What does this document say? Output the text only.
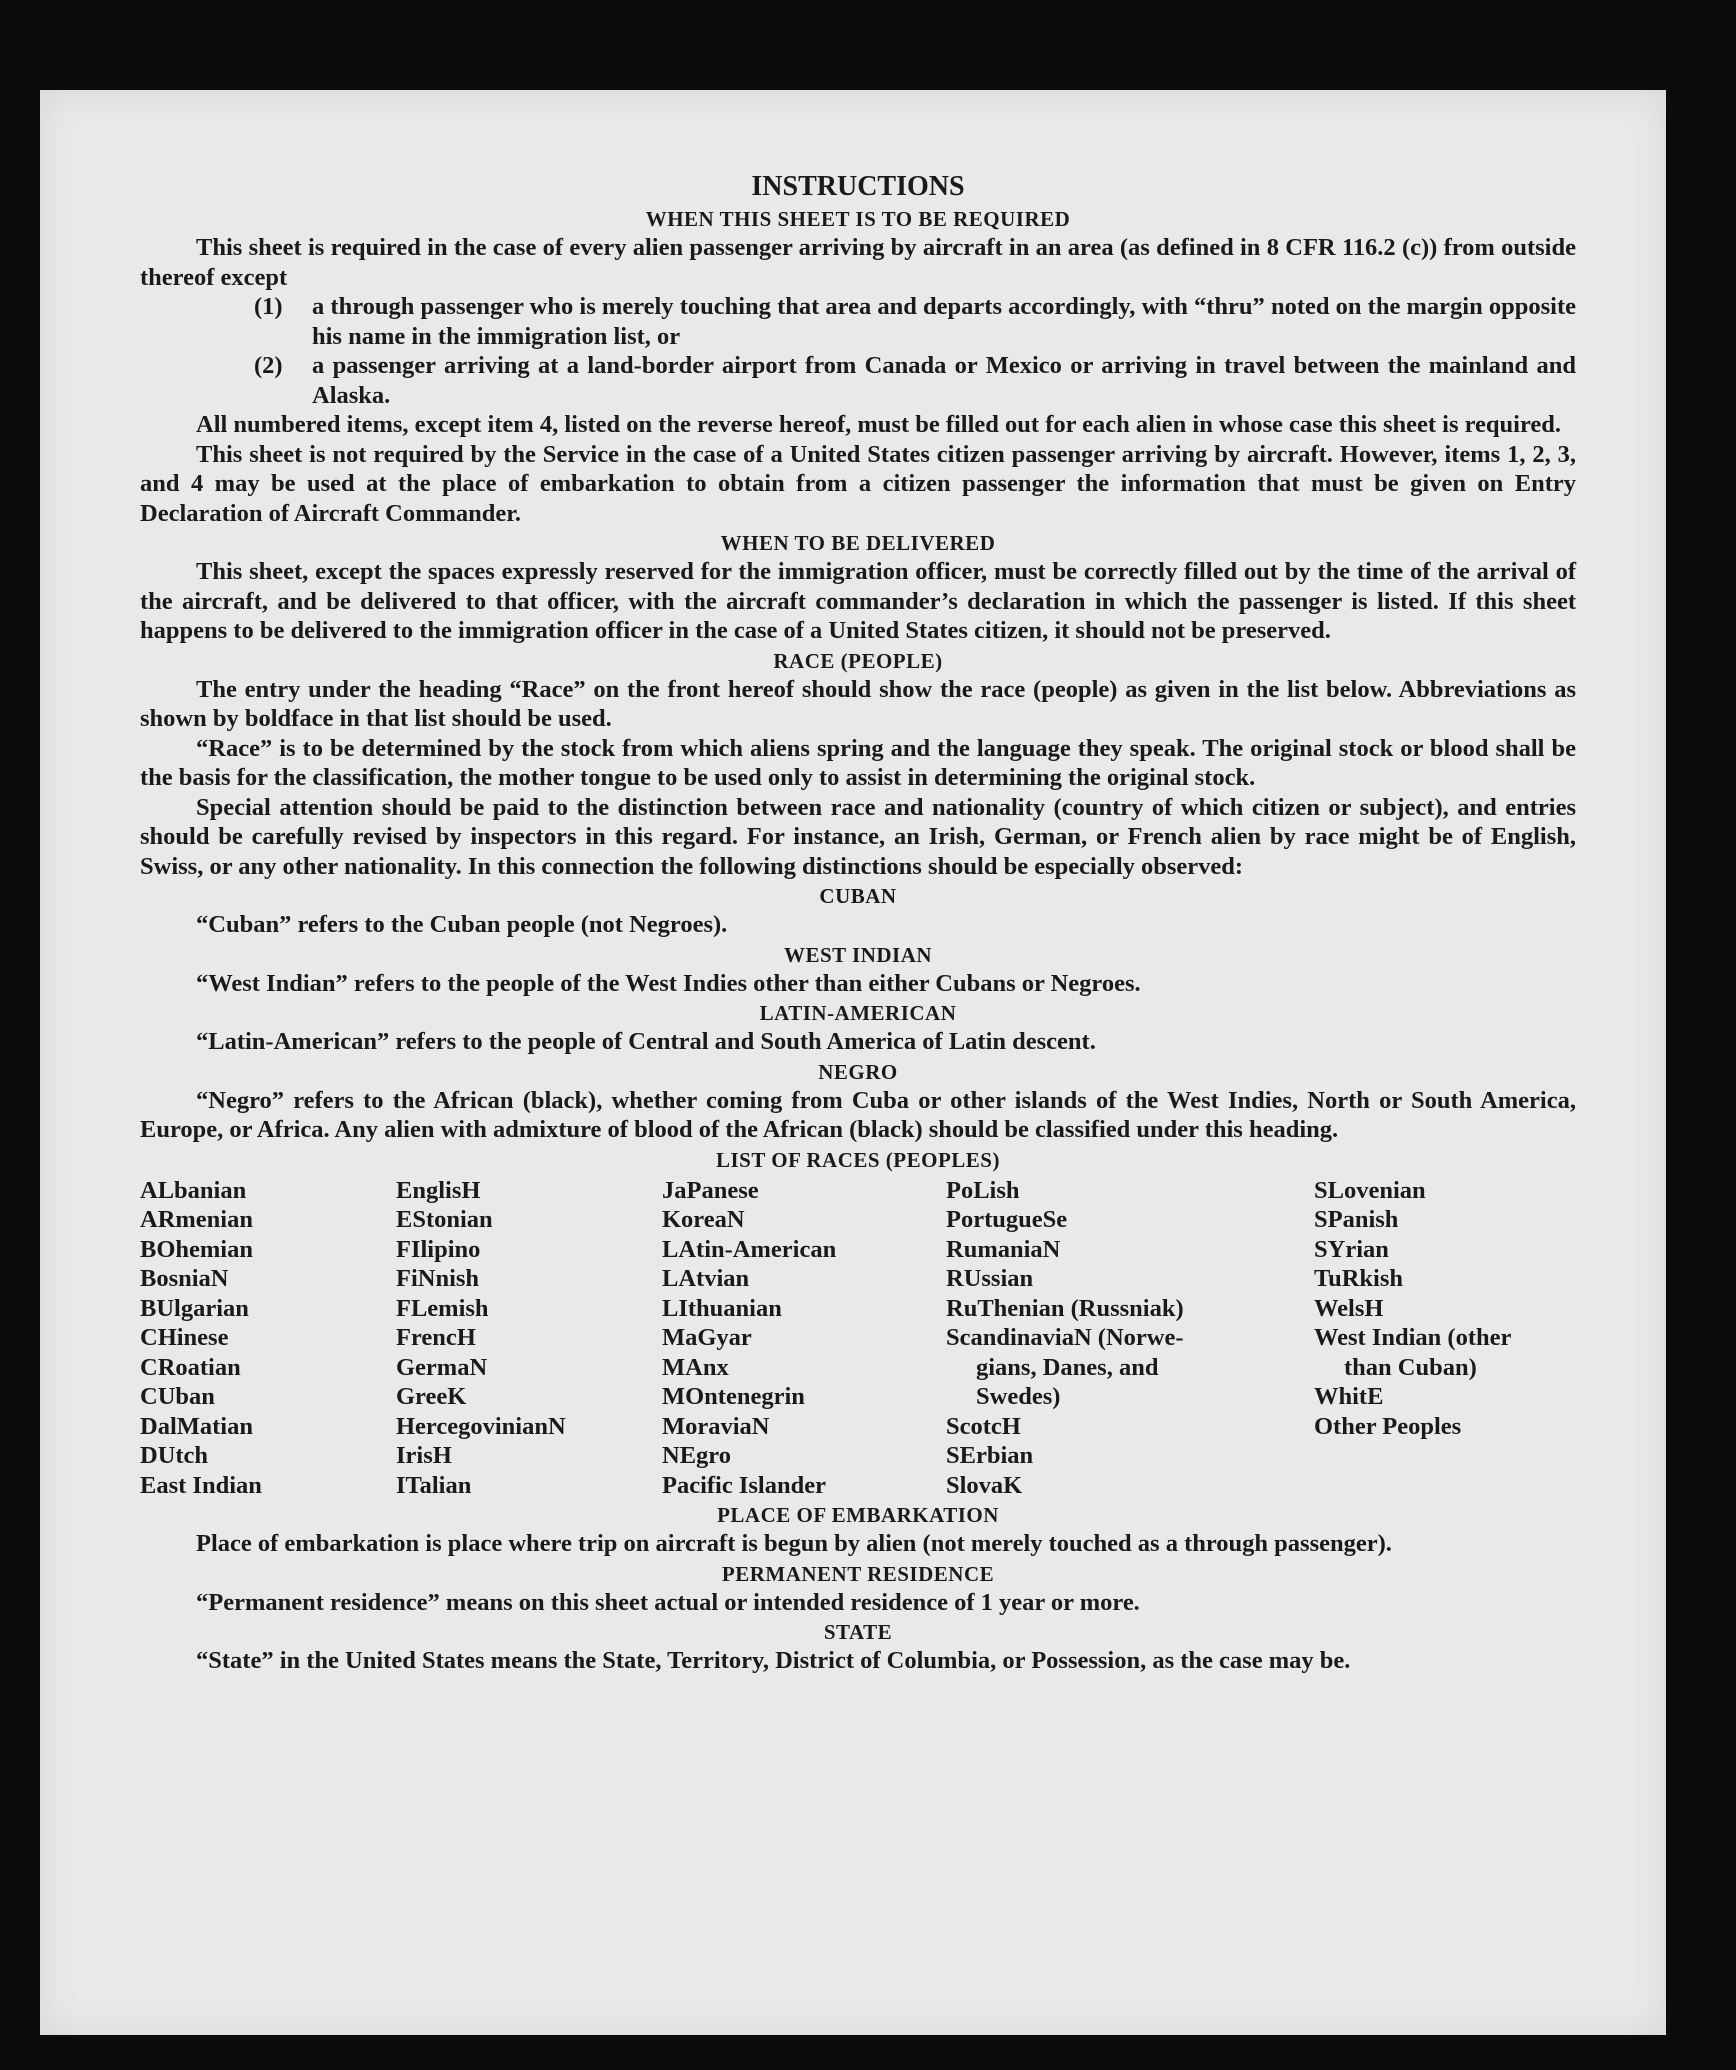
INSTRUCTIONS
WHEN THIS SHEET IS TO BE REQUIRED

This sheet is required in the case of every alien passenger arriving by aircraft in an area (as defined in 8 CFR 116.2 (c)) from outside thereof except

(1)	a through passenger who is merely touching that area and departs accordingly, with “thru” noted on the margin opposite his name in the immigration list, or
(2)	a passenger arriving at a land-border airport from Canada or Mexico or arriving in travel between the mainland and Alaska.

All numbered items, except item 4, listed on the reverse hereof, must be filled out for each alien in whose case this sheet is required.

This sheet is not required by the Service in the case of a United States citizen passenger arriving by aircraft. However, items 1, 2, 3, and 4 may be used at the place of embarkation to obtain from a citizen passenger the information that must be given on Entry Declaration of Aircraft Commander.

WHEN TO BE DELIVERED

This sheet, except the spaces expressly reserved for the immigration officer, must be correctly filled out by the time of the arrival of the aircraft, and be delivered to that officer, with the aircraft commander’s declaration in which the passenger is listed. If this sheet happens to be delivered to the immigration officer in the case of a United States citizen, it should not be preserved.

RACE (PEOPLE)

The entry under the heading “Race” on the front hereof should show the race (people) as given in the list below. Abbreviations as shown by boldface in that list should be used.

“Race” is to be determined by the stock from which aliens spring and the language they speak. The original stock or blood shall be the basis for the classification, the mother tongue to be used only to assist in determining the original stock.

Special attention should be paid to the distinction between race and nationality (country of which citizen or subject), and entries should be carefully revised by inspectors in this regard. For instance, an Irish, German, or French alien by race might be of English, Swiss, or any other nationality. In this connection the following distinctions should be especially observed:

CUBAN

“Cuban” refers to the Cuban people (not Negroes).

WEST INDIAN

“West Indian” refers to the people of the West Indies other than either Cubans or Negroes.

LATIN-AMERICAN

“Latin-American” refers to the people of Central and South America of Latin descent.

NEGRO

“Negro” refers to the African (black), whether coming from Cuba or other islands of the West Indies, North or South America, Europe, or Africa. Any alien with admixture of blood of the African (black) should be classified under this heading.

LIST OF RACES (PEOPLES)
ALbanian
ARmenian
BOhemian
BosniaN
BUlgarian
CHinese
CRoatian
CUban
DalMatian
DUtch
East Indian
EnglisH
EStonian
FIlipino
FiNnish
FLemish
FrencH
GermaN
GreeK
HercegovinianN
IrisH
ITalian
JaPanese
KoreaN
LAtin-American
LAtvian
LIthuanian
MaGyar
MAnx
MOntenegrin
MoraviaN
NEgro
Pacific Islander
PoLish
PortugueSe
RumaniaN
RUssian
RuThenian (Russniak)
ScandinaviaN (Norwe-
gians, Danes, and
Swedes)
ScotcH
SErbian
SlovaK
SLovenian
SPanish
SYrian
TuRkish
WelsH
West Indian (other
than Cuban)
WhitE
Other Peoples
PLACE OF EMBARKATION

Place of embarkation is place where trip on aircraft is begun by alien (not merely touched as a through passenger).

PERMANENT RESIDENCE

“Permanent residence” means on this sheet actual or intended residence of 1 year or more.

STATE

“State” in the United States means the State, Territory, District of Columbia, or Possession, as the case may be.
